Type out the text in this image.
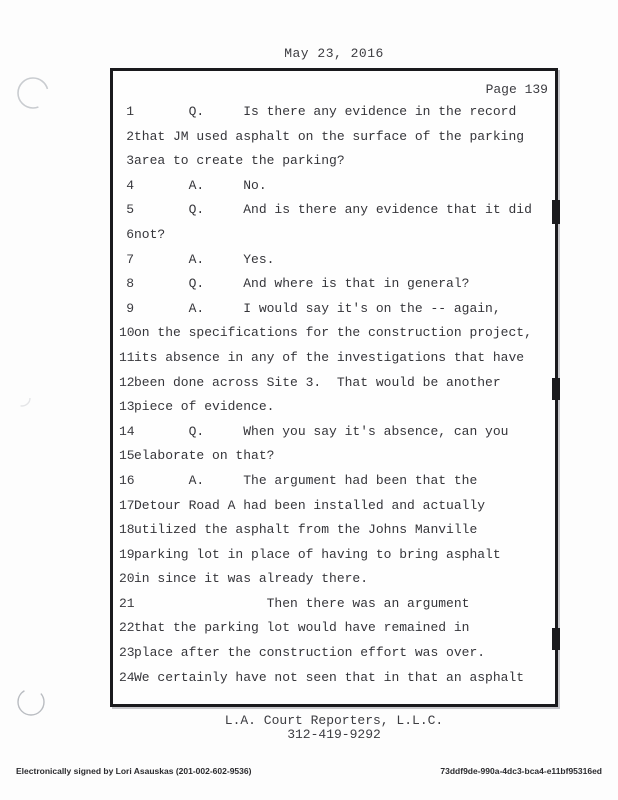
May 23, 2016
Page 139
1       Q.     Is there any evidence in the record
2that JM used asphalt on the surface of the parking
3area to create the parking?
4       A.     No.
5       Q.     And is there any evidence that it did
6not?
7       A.     Yes.
8       Q.     And where is that in general?
9       A.     I would say it's on the -- again,
10on the specifications for the construction project,
11its absence in any of the investigations that have
12been done across Site 3.  That would be another
13piece of evidence.
14       Q.     When you say it's absence, can you
15elaborate on that?
16       A.     The argument had been that the
17Detour Road A had been installed and actually
18utilized the asphalt from the Johns Manville
19parking lot in place of having to bring asphalt
20in since it was already there.
21                 Then there was an argument
22that the parking lot would have remained in
23place after the construction effort was over.
24We certainly have not seen that in that an asphalt
L.A. Court Reporters, L.L.C.
312-419-9292
Electronically signed by Lori Asauskas (201-002-602-9536)	73ddf9de-990a-4dc3-bca4-e11bf95316ed
